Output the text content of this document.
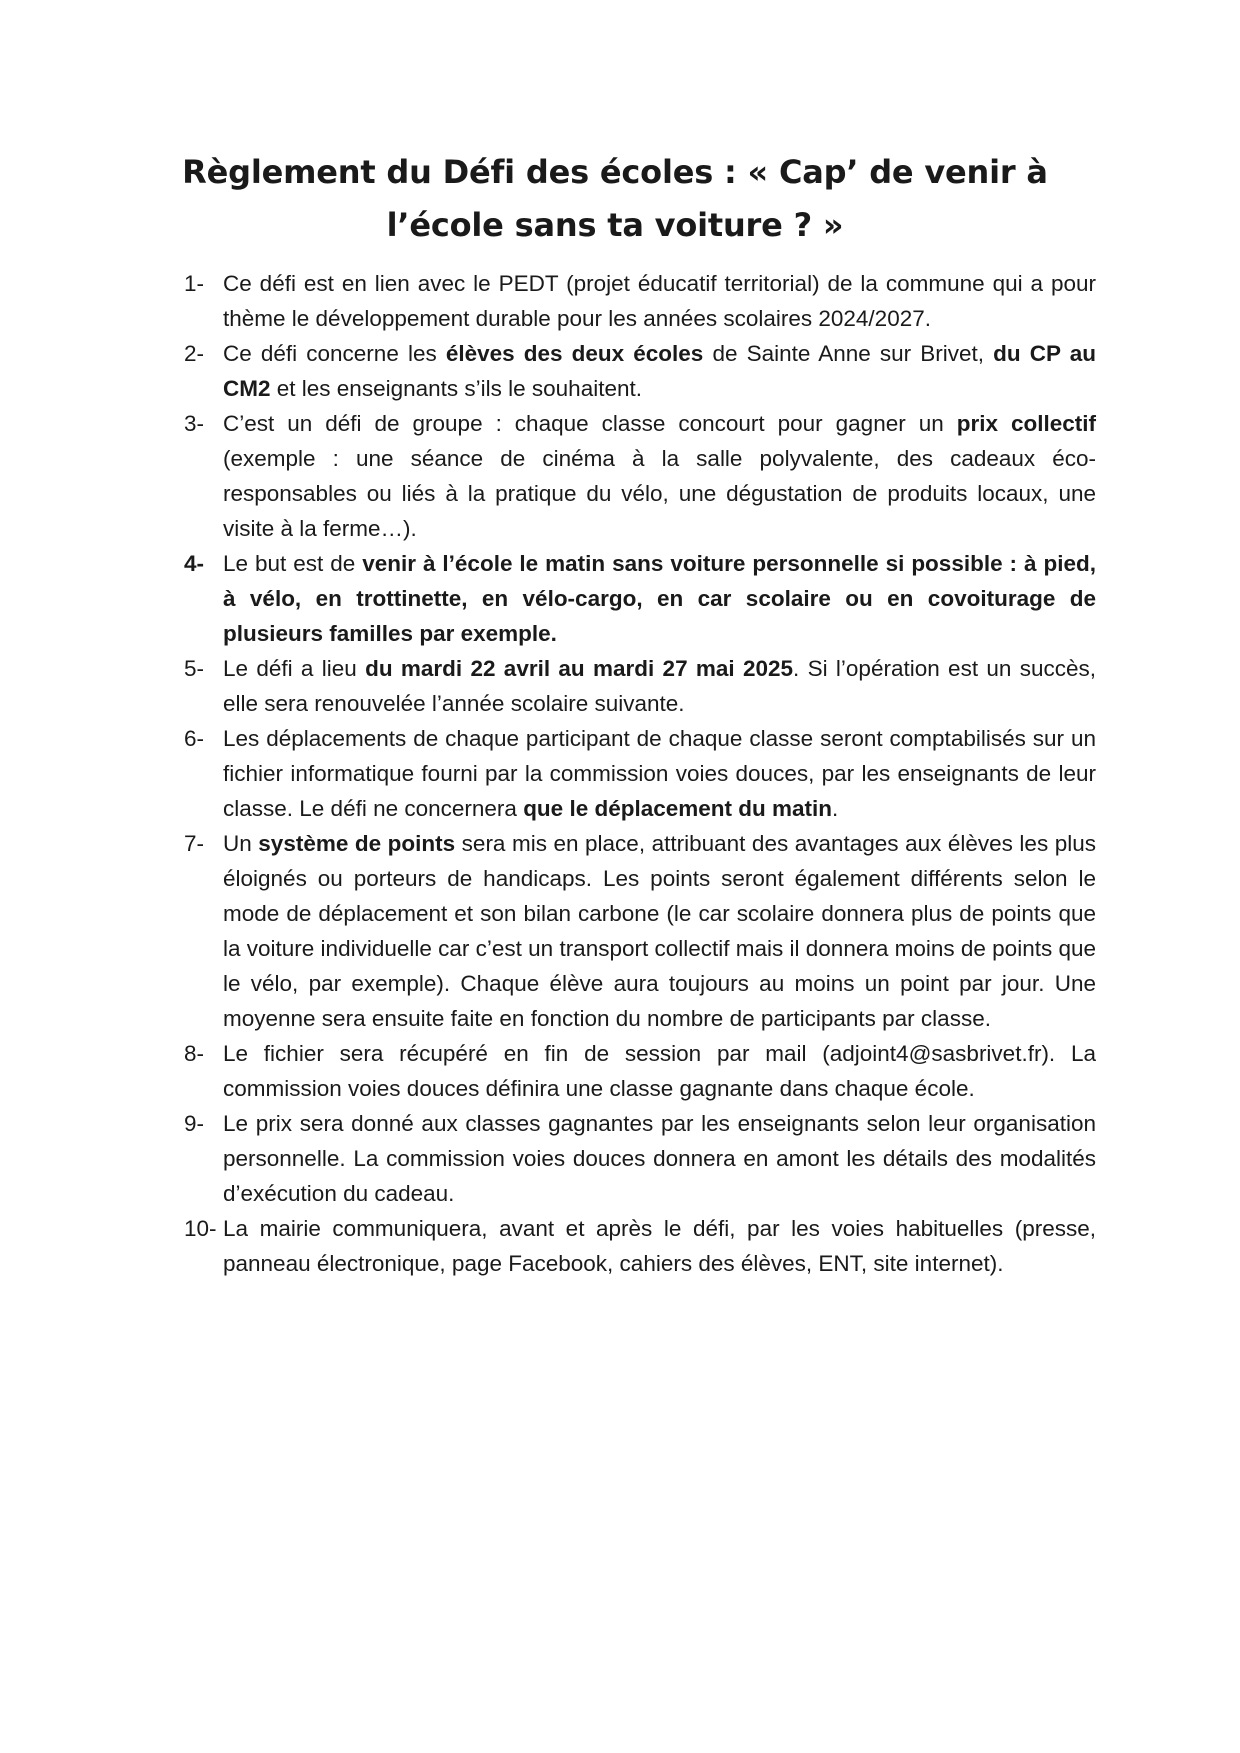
Règlement du Défi des écoles : « Cap’ de venir à l’école sans ta voiture ? »
1- Ce défi est en lien avec le PEDT (projet éducatif territorial) de la commune qui a pour thème le développement durable pour les années scolaires 2024/2027.
2- Ce défi concerne les élèves des deux écoles de Sainte Anne sur Brivet, du CP au CM2 et les enseignants s’ils le souhaitent.
3- C’est un défi de groupe : chaque classe concourt pour gagner un prix collectif (exemple : une séance de cinéma à la salle polyvalente, des cadeaux éco-responsables ou liés à la pratique du vélo, une dégustation de produits locaux, une visite à la ferme…).
4- Le but est de venir à l’école le matin sans voiture personnelle si possible : à pied, à vélo, en trottinette, en vélo-cargo, en car scolaire ou en covoiturage de plusieurs familles par exemple.
5- Le défi a lieu du mardi 22 avril au mardi 27 mai 2025. Si l’opération est un succès, elle sera renouvelée l’année scolaire suivante.
6- Les déplacements de chaque participant de chaque classe seront comptabilisés sur un fichier informatique fourni par la commission voies douces, par les enseignants de leur classe. Le défi ne concernera que le déplacement du matin.
7- Un système de points sera mis en place, attribuant des avantages aux élèves les plus éloignés ou porteurs de handicaps. Les points seront également différents selon le mode de déplacement et son bilan carbone (le car scolaire donnera plus de points que la voiture individuelle car c’est un transport collectif mais il donnera moins de points que le vélo, par exemple). Chaque élève aura toujours au moins un point par jour. Une moyenne sera ensuite faite en fonction du nombre de participants par classe.
8- Le fichier sera récupéré en fin de session par mail (adjoint4@sasbrivet.fr). La commission voies douces définira une classe gagnante dans chaque école.
9- Le prix sera donné aux classes gagnantes par les enseignants selon leur organisation personnelle. La commission voies douces donnera en amont les détails des modalités d’exécution du cadeau.
10- La mairie communiquera, avant et après le défi, par les voies habituelles (presse, panneau électronique, page Facebook, cahiers des élèves, ENT, site internet).
